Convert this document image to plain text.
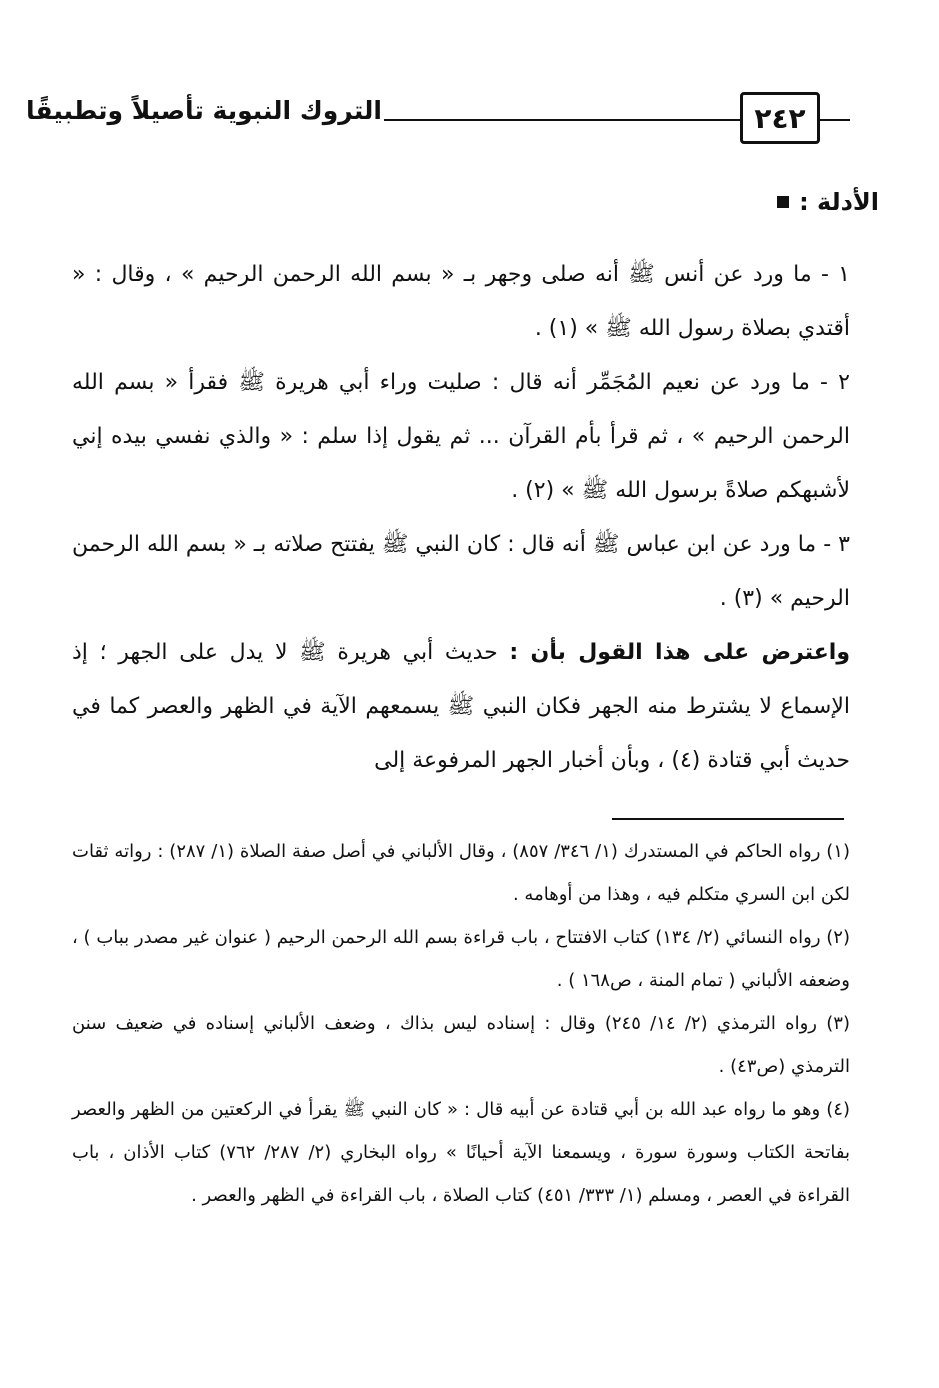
٢٤٢
التروك النبوية تأصيلاً وتطبيقًا
الأدلة :

١ - ما ورد عن أنس ﷺ أنه صلى وجهر بـ « بسم الله الرحمن الرحيم » ، وقال : « أقتدي بصلاة رسول الله ﷺ » (١) .

٢ - ما ورد عن نعيم المُجَمِّر أنه قال : صليت وراء أبي هريرة ﷺ فقرأ « بسم الله الرحمن الرحيم » ، ثم قرأ بأم القرآن ... ثم يقول إذا سلم : « والذي نفسي بيده إني لأشبهكم صلاةً برسول الله ﷺ » (٢) .

٣ - ما ورد عن ابن عباس ﷺ أنه قال : كان النبي ﷺ يفتتح صلاته بـ « بسم الله الرحمن الرحيم » (٣) .

واعترض على هذا القول بأن : حديث أبي هريرة ﷺ لا يدل على الجهر ؛ إذ الإسماع لا يشترط منه الجهر فكان النبي ﷺ يسمعهم الآية في الظهر والعصر كما في حديث أبي قتادة (٤) ، وبأن أخبار الجهر المرفوعة إلى

(١) رواه الحاكم في المستدرك (١/ ٣٤٦/ ٨٥٧) ، وقال الألباني في أصل صفة الصلاة (١/ ٢٨٧) : رواته ثقات لكن ابن السري متكلم فيه ، وهذا من أوهامه .

(٢) رواه النسائي (٢/ ١٣٤) كتاب الافتتاح ، باب قراءة بسم الله الرحمن الرحيم ( عنوان غير مصدر بباب ) ، وضعفه الألباني ( تمام المنة ، ص١٦٨ ) .

(٣) رواه الترمذي (٢/ ١٤/ ٢٤٥) وقال : إسناده ليس بذاك ، وضعف الألباني إسناده في ضعيف سنن الترمذي (ص٤٣) .

(٤) وهو ما رواه عبد الله بن أبي قتادة عن أبيه قال : « كان النبي ﷺ يقرأ في الركعتين من الظهر والعصر بفاتحة الكتاب وسورة سورة ، ويسمعنا الآية أحيانًا » رواه البخاري (٢/ ٢٨٧/ ٧٦٢) كتاب الأذان ، باب القراءة في العصر ، ومسلم (١/ ٣٣٣/ ٤٥١) كتاب الصلاة ، باب القراءة في الظهر والعصر .
